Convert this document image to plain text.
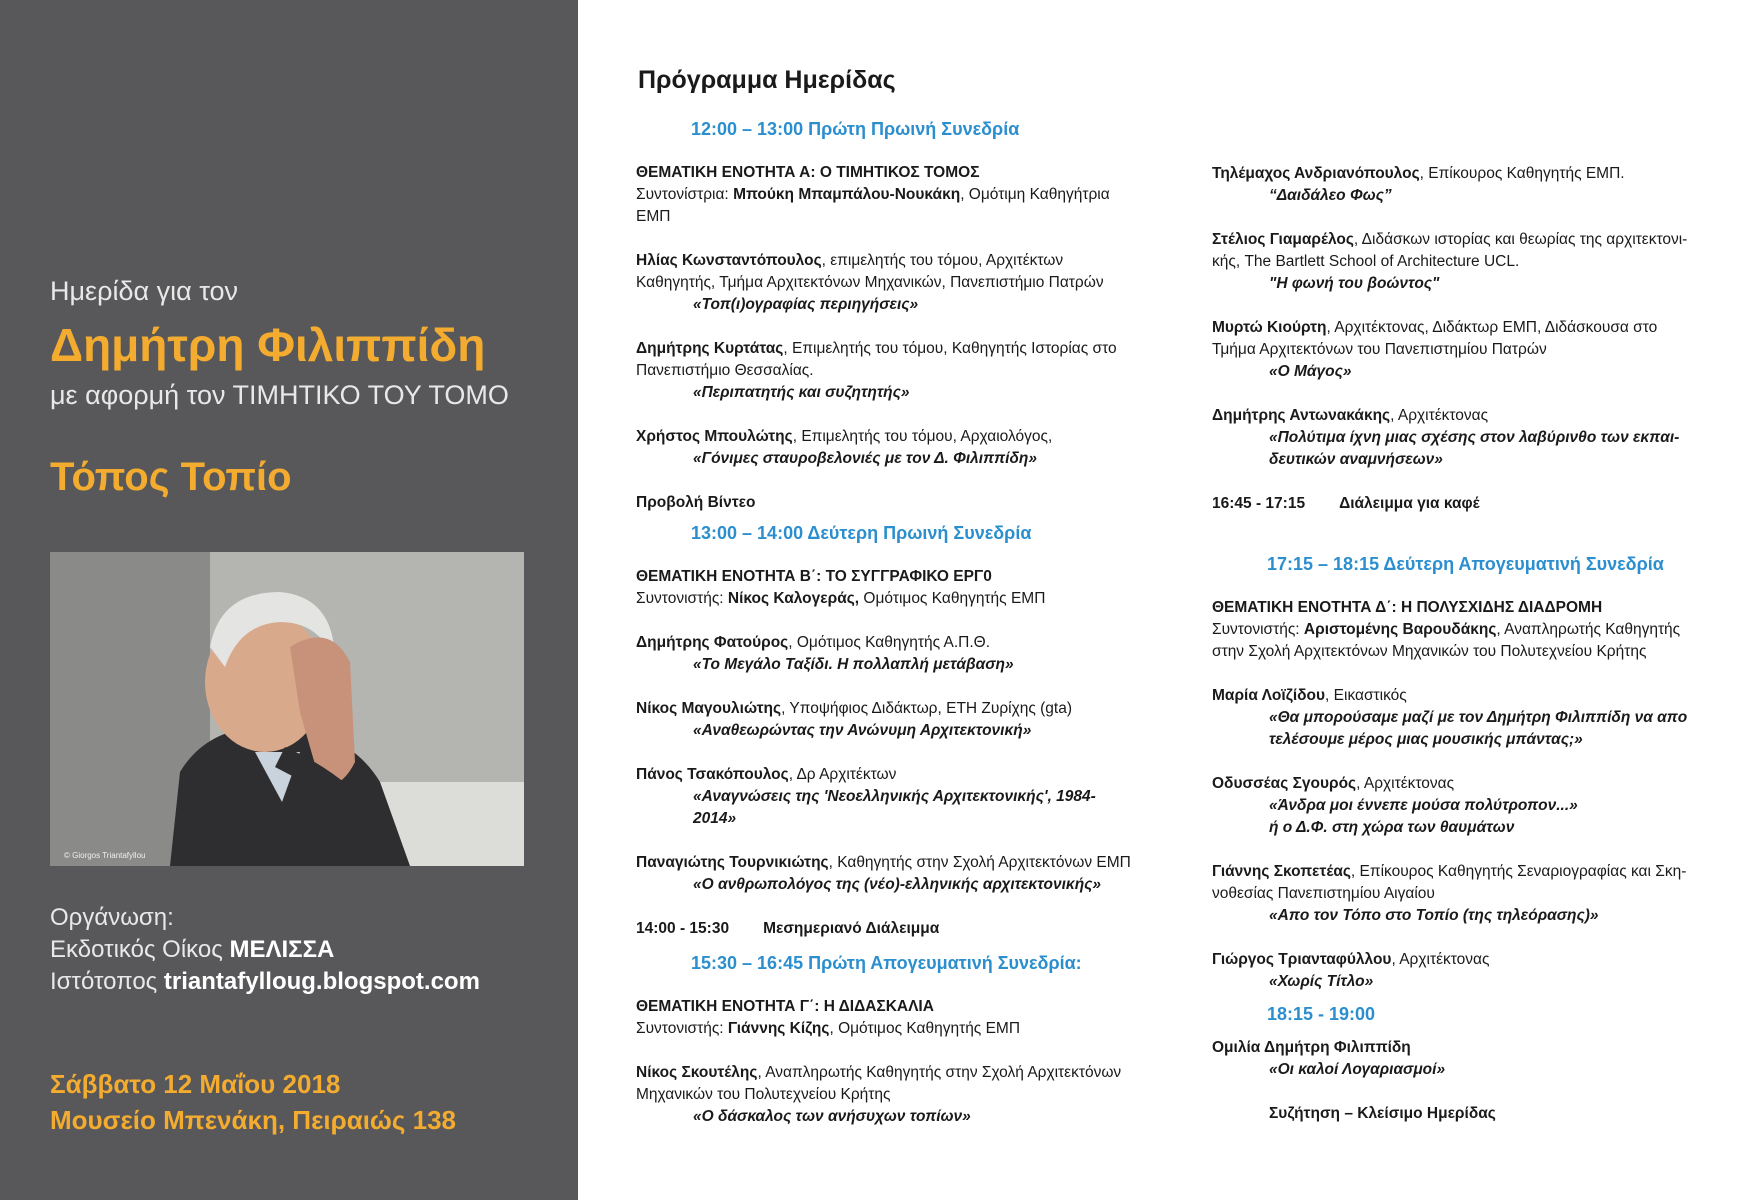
Ημερίδα για τον
Δημήτρη Φιλιππίδη
με αφορμή τον ΤΙΜΗΤΙΚΟ ΤΟΥ ΤΟΜΟ
Τόπος Τοπίο
© Giorgos Triantafyllou
Οργάνωση:
Εκδοτικός Οίκος ΜΕΛΙΣΣΑ
Ιστότοπος triantafylloug.blogspot.com
Σάββατο 12 Μαΐου 2018
Μουσείο Μπενάκη, Πειραιώς 138
Πρόγραμμα Ημερίδας
12:00 – 13:00 Πρώτη Πρωινή Συνεδρία
ΘΕΜΑΤΙΚΗ ΕΝΟΤΗΤΑ Α: Ο ΤΙΜΗΤΙΚΟΣ ΤΟΜΟΣ
Συντονίστρια: Μπούκη Μπαμπάλου-Νουκάκη, Ομότιμη Καθηγήτρια
ΕΜΠ
Ηλίας Κωνσταντόπουλος, επιμελητής του τόμου, Αρχιτέκτων
Καθηγητής, Τμήμα Αρχιτεκτόνων Μηχανικών, Πανεπιστήμιο Πατρών
«Τοπ(ι)ογραφίας περιηγήσεις»
Δημήτρης Κυρτάτας, Επιμελητής του τόμου, Καθηγητής Ιστορίας στο
Πανεπιστήμιο Θεσσαλίας.
«Περιπατητής και συζητητής»
Χρήστος Μπουλώτης, Επιμελητής του τόμου, Αρχαιολόγος,
«Γόνιμες σταυροβελονιές με τον Δ. Φιλιππίδη»
Προβολή Βίντεο
13:00 – 14:00 Δεύτερη Πρωινή Συνεδρία
ΘΕΜΑΤΙΚΗ ΕΝΟΤΗΤΑ Β΄: ΤΟ ΣΥΓΓΡΑΦΙΚΟ ΕΡΓ0
Συντονιστής: Νίκος Καλογεράς, Ομότιμος Καθηγητής ΕΜΠ
Δημήτρης Φατούρος, Ομότιμος Καθηγητής Α.Π.Θ.
«Το Μεγάλο Ταξίδι. Η πολλαπλή μετάβαση»
Νίκος Μαγουλιώτης, Υποψήφιος Διδάκτωρ, ΕΤΗ Ζυρίχης (gta)
«Αναθεωρώντας την Ανώνυμη Αρχιτεκτονική»
Πάνος Τσακόπουλος, Δρ Αρχιτέκτων
«Αναγνώσεις της 'Νεοελληνικής Αρχιτεκτονικής', 1984-
2014»
Παναγιώτης Τουρνικιώτης, Καθηγητής στην Σχολή Αρχιτεκτόνων ΕΜΠ
«Ο ανθρωπολόγος της (νέο)-ελληνικής αρχιτεκτονικής»
14:00 - 15:30 Μεσημεριανό Διάλειμμα
15:30 – 16:45 Πρώτη Απογευματινή Συνεδρία:
ΘΕΜΑΤΙΚΗ ΕΝΟΤΗΤΑ Γ΄: Η ΔΙΔΑΣΚΑΛΙΑ
Συντονιστής: Γιάννης Κίζης, Ομότιμος Καθηγητής ΕΜΠ
Νίκος Σκουτέλης, Αναπληρωτής Καθηγητής στην Σχολή Αρχιτεκτόνων
Μηχανικών του Πολυτεχνείου Κρήτης
«Ο δάσκαλος των ανήσυχων τοπίων»
Τηλέμαχος Ανδριανόπουλος, Επίκουρος Καθηγητής ΕΜΠ.
“Δαιδάλεο Φως”
Στέλιος Γιαμαρέλος, Διδάσκων ιστορίας και θεωρίας της αρχιτεκτονι-
κής, The Bartlett School of Architecture UCL.
"Η φωνή του βοώντος"
Μυρτώ Κιούρτη, Αρχιτέκτονας, Διδάκτωρ ΕΜΠ, Διδάσκουσα στο
Τμήμα Αρχιτεκτόνων του Πανεπιστημίου Πατρών
«Ο Μάγος»
Δημήτρης Αντωνακάκης, Αρχιτέκτονας
«Πολύτιμα ίχνη μιας σχέσης στον λαβύρινθο των εκπαι-
δευτικών αναμνήσεων»
16:45 - 17:15 Διάλειμμα για καφέ
17:15 – 18:15 Δεύτερη Απογευματινή Συνεδρία
ΘΕΜΑΤΙΚΗ ΕΝΟΤΗΤΑ Δ΄: Η ΠΟΛΥΣΧΙΔΗΣ ΔΙΑΔΡΟΜΗ
Συντονιστής: Αριστομένης Βαρουδάκης, Αναπληρωτής Καθηγητής
στην Σχολή Αρχιτεκτόνων Μηχανικών του Πολυτεχνείου Κρήτης
Μαρία Λοϊζίδου, Εικαστικός
«Θα μπορούσαμε μαζί με τον Δημήτρη Φιλιππίδη να απο
τελέσουμε μέρος μιας μουσικής μπάντας;»
Οδυσσέας Σγουρός, Αρχιτέκτονας
«Άνδρα μοι έννεπε μούσα πολύτροπον...»
ή ο Δ.Φ. στη χώρα των θαυμάτων
Γιάννης Σκοπετέας, Επίκουρος Καθηγητής Σεναριογραφίας και Σκη-
νοθεσίας Πανεπιστημίου Αιγαίου
«Απο τον Τόπο στο Τοπίο (της τηλεόρασης)»
Γιώργος Τριανταφύλλου, Αρχιτέκτονας
«Χωρίς Τίτλο»
18:15 - 19:00
Ομιλία Δημήτρη Φιλιππίδη
«Οι καλοί Λογαριασμοί»
Συζήτηση – Κλείσιμο Ημερίδας
